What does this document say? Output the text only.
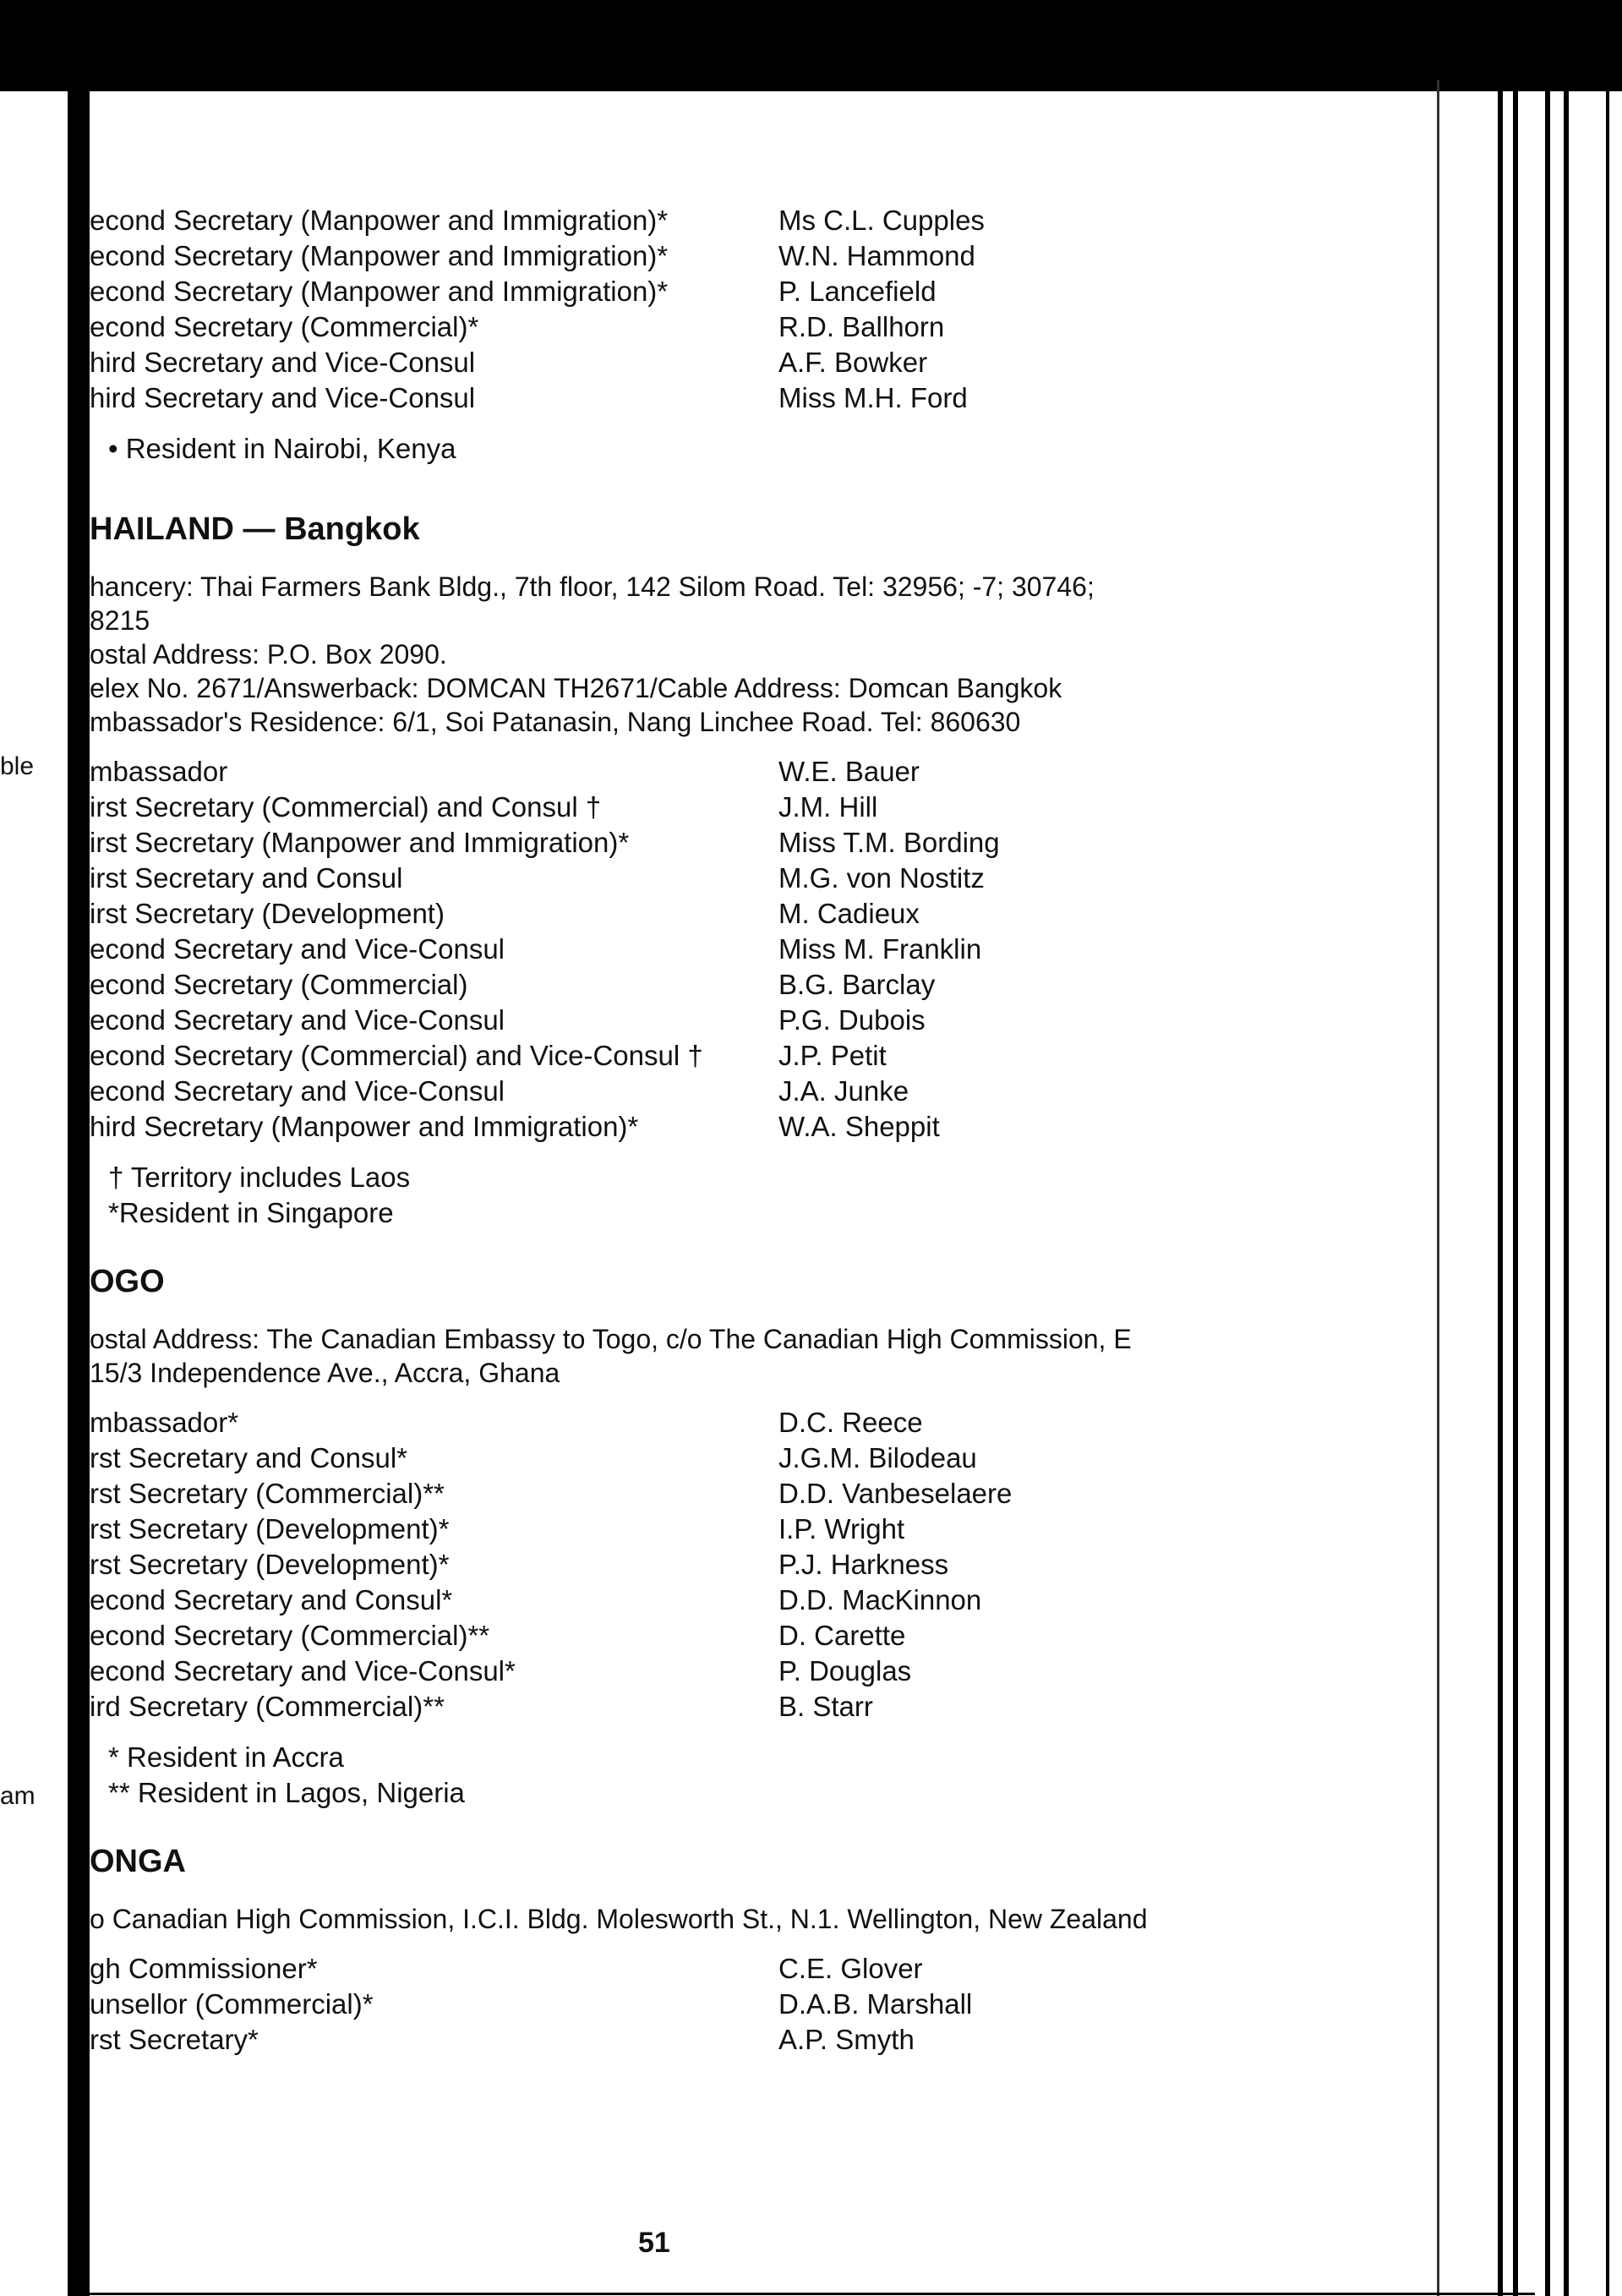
ble
am
econd Secretary (Manpower and Immigration)*	Ms C.L. Cupples
econd Secretary (Manpower and Immigration)*	W.N. Hammond
econd Secretary (Manpower and Immigration)*	P. Lancefield
econd Secretary (Commercial)*	R.D. Ballhorn
hird Secretary and Vice-Consul	A.F. Bowker
hird Secretary and Vice-Consul	Miss M.H. Ford
• Resident in Nairobi, Kenya
HAILAND — Bangkok
hancery: Thai Farmers Bank Bldg., 7th floor, 142 Silom Road. Tel: 32956; -7; 30746;
8215
ostal Address: P.O. Box 2090.
elex No. 2671/Answerback: DOMCAN TH2671/Cable Address: Domcan Bangkok
mbassador's Residence: 6/1, Soi Patanasin, Nang Linchee Road. Tel: 860630
mbassador	W.E. Bauer
irst Secretary (Commercial) and Consul †	J.M. Hill
irst Secretary (Manpower and Immigration)*	Miss T.M. Bording
irst Secretary and Consul	M.G. von Nostitz
irst Secretary (Development)	M. Cadieux
econd Secretary and Vice-Consul	Miss M. Franklin
econd Secretary (Commercial)	B.G. Barclay
econd Secretary and Vice-Consul	P.G. Dubois
econd Secretary (Commercial) and Vice-Consul †	J.P. Petit
econd Secretary and Vice-Consul	J.A. Junke
hird Secretary (Manpower and Immigration)*	W.A. Sheppit
† Territory includes Laos
*Resident in Singapore
OGO
ostal Address: The Canadian Embassy to Togo, c/o The Canadian High Commission, E
15/3 Independence Ave., Accra, Ghana
mbassador*	D.C. Reece
rst Secretary and Consul*	J.G.M. Bilodeau
rst Secretary (Commercial)**	D.D. Vanbeselaere
rst Secretary (Development)*	I.P. Wright
rst Secretary (Development)*	P.J. Harkness
econd Secretary and Consul*	D.D. MacKinnon
econd Secretary (Commercial)**	D. Carette
econd Secretary and Vice-Consul*	P. Douglas
ird Secretary (Commercial)**	B. Starr
* Resident in Accra
** Resident in Lagos, Nigeria
ONGA
o Canadian High Commission, I.C.I. Bldg. Molesworth St., N.1. Wellington, New Zealand
gh Commissioner*	C.E. Glover
unsellor (Commercial)*	D.A.B. Marshall
rst Secretary*	A.P. Smyth
51
